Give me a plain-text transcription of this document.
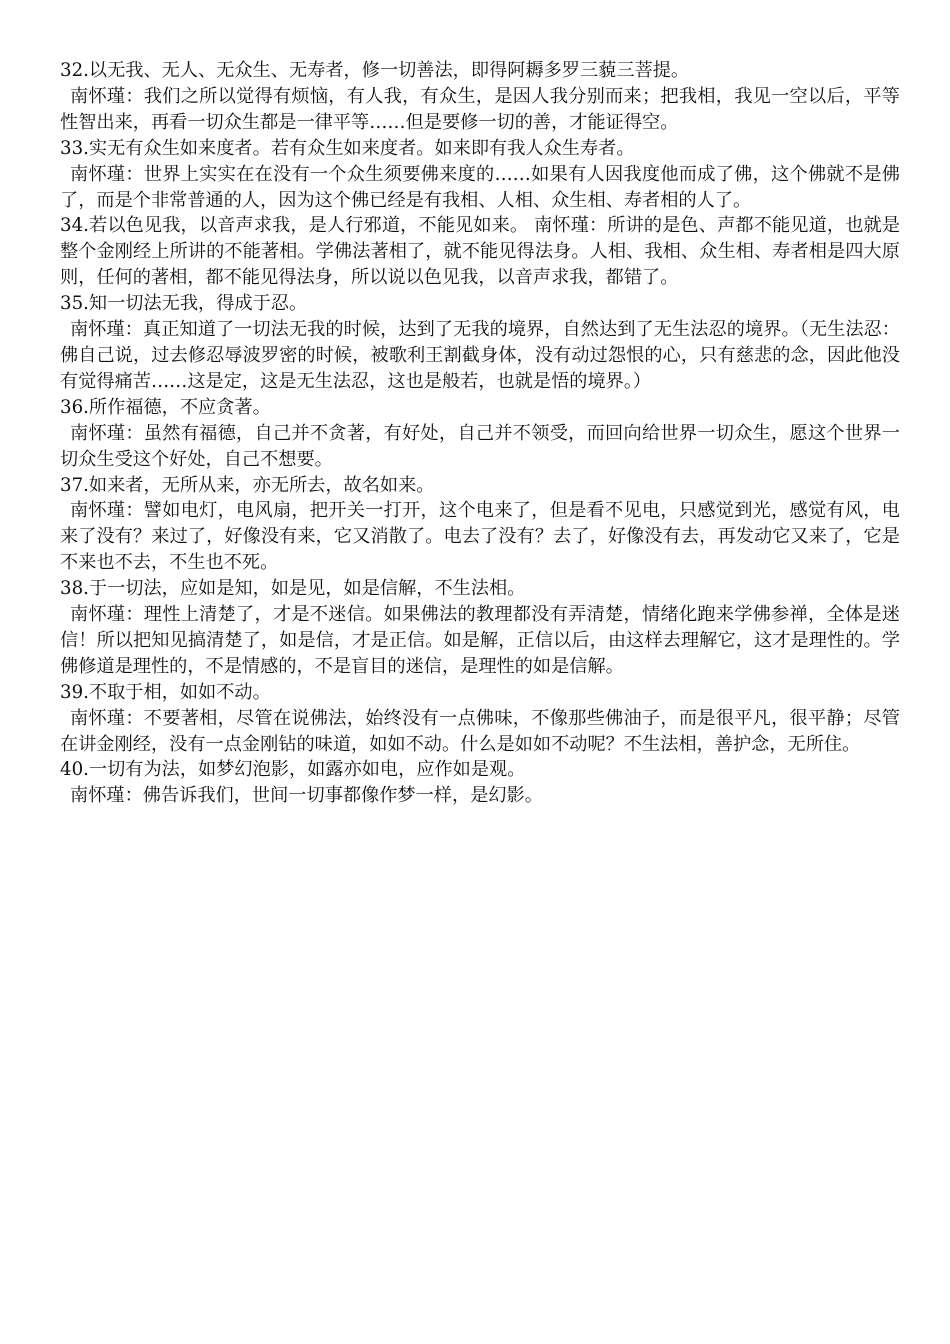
32.以无我、无人、无众生、无寿者，修一切善法，即得阿耨多罗三藐三菩提。

南怀瑾：我们之所以觉得有烦恼，有人我，有众生，是因人我分别而来；把我相，我见一空以后，平等性智出来，再看一切众生都是一律平等……但是要修一切的善，才能证得空。

33.实无有众生如来度者。若有众生如来度者。如来即有我人众生寿者。

南怀瑾：世界上实实在在没有一个众生须要佛来度的……如果有人因我度他而成了佛，这个佛就不是佛了，而是个非常普通的人，因为这个佛已经是有我相、人相、众生相、寿者相的人了。

34.若以色见我，以音声求我，是人行邪道，不能见如来。 南怀瑾：所讲的是色、声都不能见道，也就是整个金刚经上所讲的不能著相。学佛法著相了，就不能见得法身。人相、我相、众生相、寿者相是四大原则，任何的著相，都不能见得法身，所以说以色见我，以音声求我，都错了。

35.知一切法无我，得成于忍。

南怀瑾：真正知道了一切法无我的时候，达到了无我的境界，自然达到了无生法忍的境界。（无生法忍：佛自己说，过去修忍辱波罗密的时候，被歌利王割截身体，没有动过怨恨的心，只有慈悲的念，因此他没有觉得痛苦……这是定，这是无生法忍，这也是般若，也就是悟的境界。）

36.所作福德，不应贪著。

南怀瑾：虽然有福德，自己并不贪著，有好处，自己并不领受，而回向给世界一切众生，愿这个世界一切众生受这个好处，自己不想要。

37.如来者，无所从来，亦无所去，故名如来。

南怀瑾：譬如电灯，电风扇，把开关一打开，这个电来了，但是看不见电，只感觉到光，感觉有风，电来了没有？来过了，好像没有来，它又消散了。电去了没有？去了，好像没有去，再发动它又来了，它是不来也不去，不生也不死。

38.于一切法，应如是知，如是见，如是信解，不生法相。

南怀瑾：理性上清楚了，才是不迷信。如果佛法的教理都没有弄清楚，情绪化跑来学佛参禅，全体是迷信！所以把知见搞清楚了，如是信，才是正信。如是解，正信以后，由这样去理解它，这才是理性的。学佛修道是理性的，不是情感的，不是盲目的迷信，是理性的如是信解。

39.不取于相，如如不动。

南怀瑾：不要著相，尽管在说佛法，始终没有一点佛味，不像那些佛油子，而是很平凡，很平静；尽管在讲金刚经，没有一点金刚钻的味道，如如不动。什么是如如不动呢？不生法相，善护念，无所住。

40.一切有为法，如梦幻泡影，如露亦如电，应作如是观。

南怀瑾：佛告诉我们，世间一切事都像作梦一样，是幻影。
